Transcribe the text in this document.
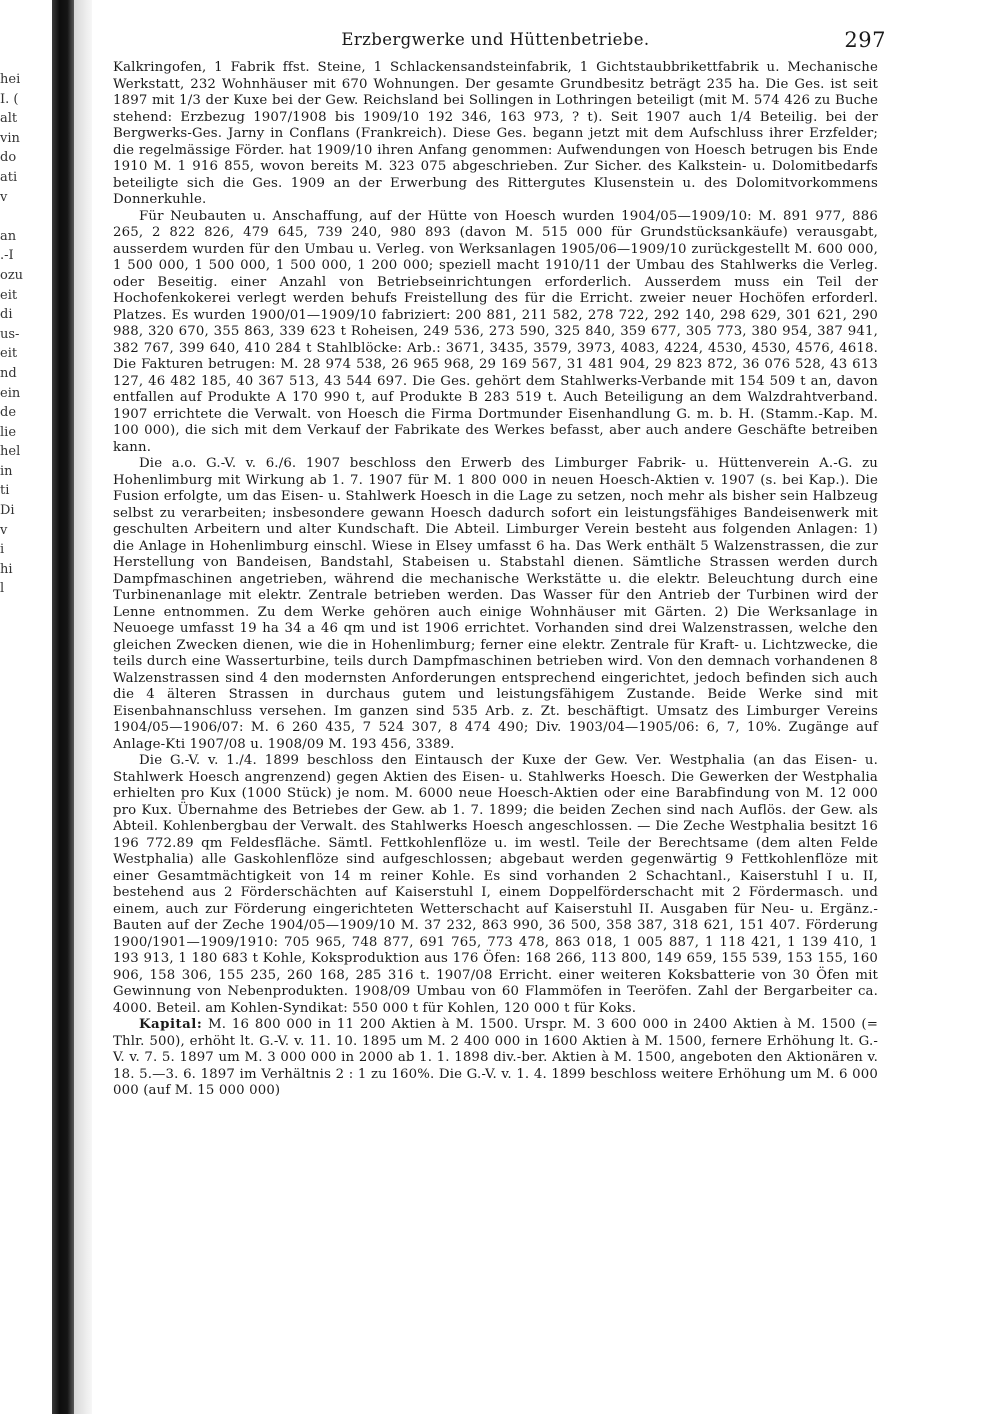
hei
I. (
alt
vin
do
ati
v

an
.-I
ozu
eit
di
us-
eit
nd
ein
de
lie
hel
in
ti
Di
v
i
hi
l
Erzbergwerke und Hüttenbetriebe.	297

Kalkringofen, 1 Fabrik ffst. Steine, 1 Schlackensandsteinfabrik, 1 Gichtstaubbrikettfabrik u. Mechanische Werkstatt, 232 Wohnhäuser mit 670 Wohnungen. Der gesamte Grundbesitz beträgt 235 ha. Die Ges. ist seit 1897 mit 1/3 der Kuxe bei der Gew. Reichsland bei Sollingen in Lothringen beteiligt (mit M. 574 426 zu Buche stehend: Erzbezug 1907/1908 bis 1909/10 192 346, 163 973, ? t). Seit 1907 auch 1/4 Beteilig. bei der Bergwerks-Ges. Jarny in Conflans (Frankreich). Diese Ges. begann jetzt mit dem Aufschluss ihrer Erzfelder; die regelmässige Förder. hat 1909/10 ihren Anfang genommen: Aufwendungen von Hoesch betrugen bis Ende 1910 M. 1 916 855, wovon bereits M. 323 075 abgeschrieben. Zur Sicher. des Kalkstein- u. Dolomitbedarfs beteiligte sich die Ges. 1909 an der Erwerbung des Rittergutes Klusenstein u. des Dolomitvorkommens Donnerkuhle.

Für Neubauten u. Anschaffung, auf der Hütte von Hoesch wurden 1904/05—1909/10: M. 891 977, 886 265, 2 822 826, 479 645, 739 240, 980 893 (davon M. 515 000 für Grundstücksankäufe) verausgabt, ausserdem wurden für den Umbau u. Verleg. von Werksanlagen 1905/06—1909/10 zurückgestellt M. 600 000, 1 500 000, 1 500 000, 1 500 000, 1 200 000; speziell macht 1910/11 der Umbau des Stahlwerks die Verleg. oder Beseitig. einer Anzahl von Betriebseinrichtungen erforderlich. Ausserdem muss ein Teil der Hochofenkokerei verlegt werden behufs Freistellung des für die Erricht. zweier neuer Hochöfen erforderl. Platzes. Es wurden 1900/01—1909/10 fabriziert: 200 881, 211 582, 278 722, 292 140, 298 629, 301 621, 290 988, 320 670, 355 863, 339 623 t Roheisen, 249 536, 273 590, 325 840, 359 677, 305 773, 380 954, 387 941, 382 767, 399 640, 410 284 t Stahlblöcke: Arb.: 3671, 3435, 3579, 3973, 4083, 4224, 4530, 4530, 4576, 4618. Die Fakturen betrugen: M. 28 974 538, 26 965 968, 29 169 567, 31 481 904, 29 823 872, 36 076 528, 43 613 127, 46 482 185, 40 367 513, 43 544 697. Die Ges. gehört dem Stahlwerks-Verbande mit 154 509 t an, davon entfallen auf Produkte A 170 990 t, auf Produkte B 283 519 t. Auch Beteiligung an dem Walzdrahtverband. 1907 errichtete die Verwalt. von Hoesch die Firma Dortmunder Eisenhandlung G. m. b. H. (Stamm.-Kap. M. 100 000), die sich mit dem Verkauf der Fabrikate des Werkes befasst, aber auch andere Geschäfte betreiben kann.

Die a.o. G.-V. v. 6./6. 1907 beschloss den Erwerb des Limburger Fabrik- u. Hüttenverein A.-G. zu Hohenlimburg mit Wirkung ab 1. 7. 1907 für M. 1 800 000 in neuen Hoesch-Aktien v. 1907 (s. bei Kap.). Die Fusion erfolgte, um das Eisen- u. Stahlwerk Hoesch in die Lage zu setzen, noch mehr als bisher sein Halbzeug selbst zu verarbeiten; insbesondere gewann Hoesch dadurch sofort ein leistungsfähiges Bandeisenwerk mit geschulten Arbeitern und alter Kundschaft. Die Abteil. Limburger Verein besteht aus folgenden Anlagen: 1) die Anlage in Hohenlimburg einschl. Wiese in Elsey umfasst 6 ha. Das Werk enthält 5 Walzenstrassen, die zur Herstellung von Bandeisen, Bandstahl, Stabeisen u. Stabstahl dienen. Sämtliche Strassen werden durch Dampfmaschinen angetrieben, während die mechanische Werkstätte u. die elektr. Beleuchtung durch eine Turbinenanlage mit elektr. Zentrale betrieben werden. Das Wasser für den Antrieb der Turbinen wird der Lenne entnommen. Zu dem Werke gehören auch einige Wohnhäuser mit Gärten. 2) Die Werksanlage in Neuoege umfasst 19 ha 34 a 46 qm und ist 1906 errichtet. Vorhanden sind drei Walzenstrassen, welche den gleichen Zwecken dienen, wie die in Hohenlimburg; ferner eine elektr. Zentrale für Kraft- u. Lichtzwecke, die teils durch eine Wasserturbine, teils durch Dampfmaschinen betrieben wird. Von den demnach vorhandenen 8 Walzenstrassen sind 4 den modernsten Anforderungen entsprechend eingerichtet, jedoch befinden sich auch die 4 älteren Strassen in durchaus gutem und leistungsfähigem Zustande. Beide Werke sind mit Eisenbahnanschluss versehen. Im ganzen sind 535 Arb. z. Zt. beschäftigt. Umsatz des Limburger Vereins 1904/05—1906/07: M. 6 260 435, 7 524 307, 8 474 490; Div. 1903/04—1905/06: 6, 7, 10%. Zugänge auf Anlage-Kti 1907/08 u. 1908/09 M. 193 456, 3389.

Die G.-V. v. 1./4. 1899 beschloss den Eintausch der Kuxe der Gew. Ver. Westphalia (an das Eisen- u. Stahlwerk Hoesch angrenzend) gegen Aktien des Eisen- u. Stahlwerks Hoesch. Die Gewerken der Westphalia erhielten pro Kux (1000 Stück) je nom. M. 6000 neue Hoesch-Aktien oder eine Barabfindung von M. 12 000 pro Kux. Übernahme des Betriebes der Gew. ab 1. 7. 1899; die beiden Zechen sind nach Auflös. der Gew. als Abteil. Kohlenbergbau der Verwalt. des Stahlwerks Hoesch angeschlossen. — Die Zeche Westphalia besitzt 16 196 772.89 qm Feldesfläche. Sämtl. Fettkohlenflöze u. im westl. Teile der Berechtsame (dem alten Felde Westphalia) alle Gaskohlenflöze sind aufgeschlossen; abgebaut werden gegenwärtig 9 Fettkohlenflöze mit einer Gesamtmächtigkeit von 14 m reiner Kohle. Es sind vorhanden 2 Schachtanl., Kaiserstuhl I u. II, bestehend aus 2 Förderschächten auf Kaiserstuhl I, einem Doppelförderschacht mit 2 Fördermasch. und einem, auch zur Förderung eingerichteten Wetterschacht auf Kaiserstuhl II. Ausgaben für Neu- u. Ergänz.-Bauten auf der Zeche 1904/05—1909/10 M. 37 232, 863 990, 36 500, 358 387, 318 621, 151 407. Förderung 1900/1901—1909/1910: 705 965, 748 877, 691 765, 773 478, 863 018, 1 005 887, 1 118 421, 1 139 410, 1 193 913, 1 180 683 t Kohle, Koksproduktion aus 176 Öfen: 168 266, 113 800, 149 659, 155 539, 153 155, 160 906, 158 306, 155 235, 260 168, 285 316 t. 1907/08 Erricht. einer weiteren Koksbatterie von 30 Öfen mit Gewinnung von Nebenprodukten. 1908/09 Umbau von 60 Flammöfen in Teeröfen. Zahl der Bergarbeiter ca. 4000. Beteil. am Kohlen-Syndikat: 550 000 t für Kohlen, 120 000 t für Koks.

Kapital: M. 16 800 000 in 11 200 Aktien à M. 1500. Urspr. M. 3 600 000 in 2400 Aktien à M. 1500 (= Thlr. 500), erhöht lt. G.-V. v. 11. 10. 1895 um M. 2 400 000 in 1600 Aktien à M. 1500, fernere Erhöhung lt. G.-V. v. 7. 5. 1897 um M. 3 000 000 in 2000 ab 1. 1. 1898 div.-ber. Aktien à M. 1500, angeboten den Aktionären v. 18. 5.—3. 6. 1897 im Verhältnis 2 : 1 zu 160%. Die G.-V. v. 1. 4. 1899 beschloss weitere Erhöhung um M. 6 000 000 (auf M. 15 000 000)
